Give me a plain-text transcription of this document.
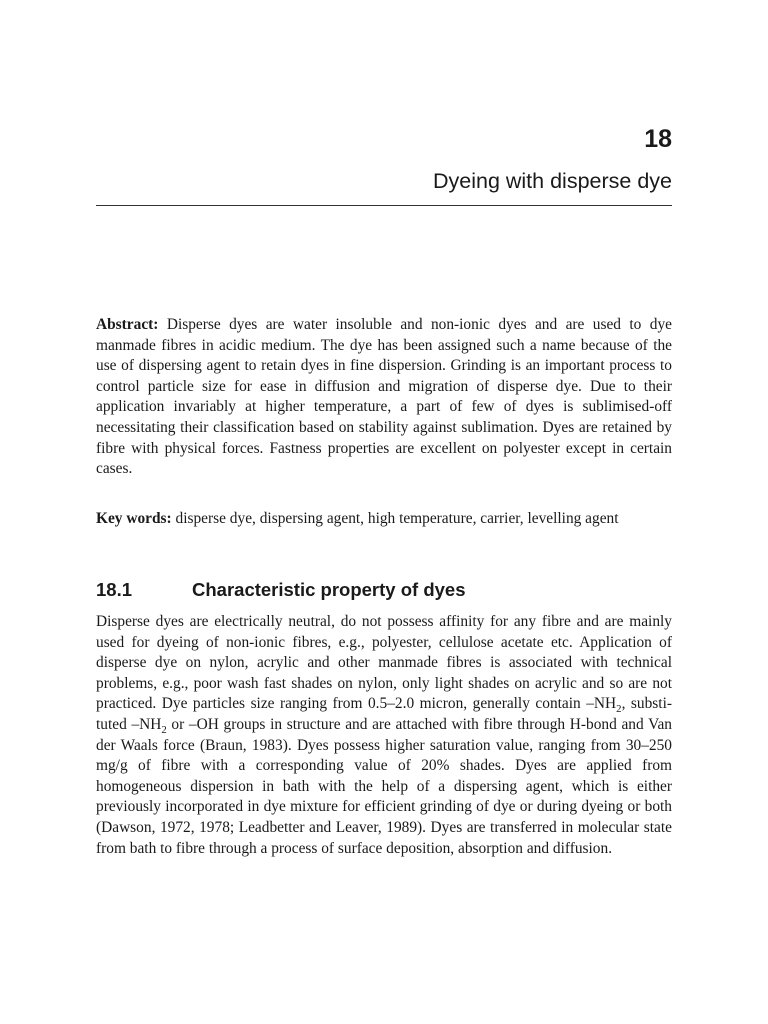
18
Dyeing with disperse dye

Abstract: Disperse dyes are water insoluble and non-ionic dyes and are used to dye manmade fibres in acidic medium. The dye has been assigned such a name because of the use of dispersing agent to retain dyes in fine dispersion. Grinding is an important process to control particle size for ease in diffusion and migration of disperse dye. Due to their application invariably at higher temperature, a part of few of dyes is sublimised-off necessitating their classification based on stability against sublimation. Dyes are retained by fibre with physical forces. Fastness properties are excellent on polyester except in certain cases.

Key words: disperse dye, dispersing agent, high temperature, carrier, levelling agent

18.1	Characteristic property of dyes

Disperse dyes are electrically neutral, do not possess affinity for any fibre and are mainly used for dyeing of non-ionic fibres, e.g., polyester, cellulose acetate etc. Application of disperse dye on nylon, acrylic and other manmade fibres is associated with technical problems, e.g., poor wash fast shades on nylon, only light shades on acrylic and so are not practiced. Dye particles size ranging from 0.5–2.0 micron, generally contain $-NH_2$, substituted $-NH_2$ or –OH groups in structure and are attached with fibre through H-bond and Van der Waals force (Braun, 1983). Dyes possess higher saturation value, ranging from 30–250 mg/g of fibre with a corresponding value of 20% shades. Dyes are applied from homogeneous dispersion in bath with the help of a dispersing agent, which is either previously incorporated in dye mixture for efficient grinding of dye or during dyeing or both (Dawson, 1972, 1978; Leadbetter and Leaver, 1989). Dyes are transferred in molecular state from bath to fibre through a process of surface deposition, absorption and diffusion.
